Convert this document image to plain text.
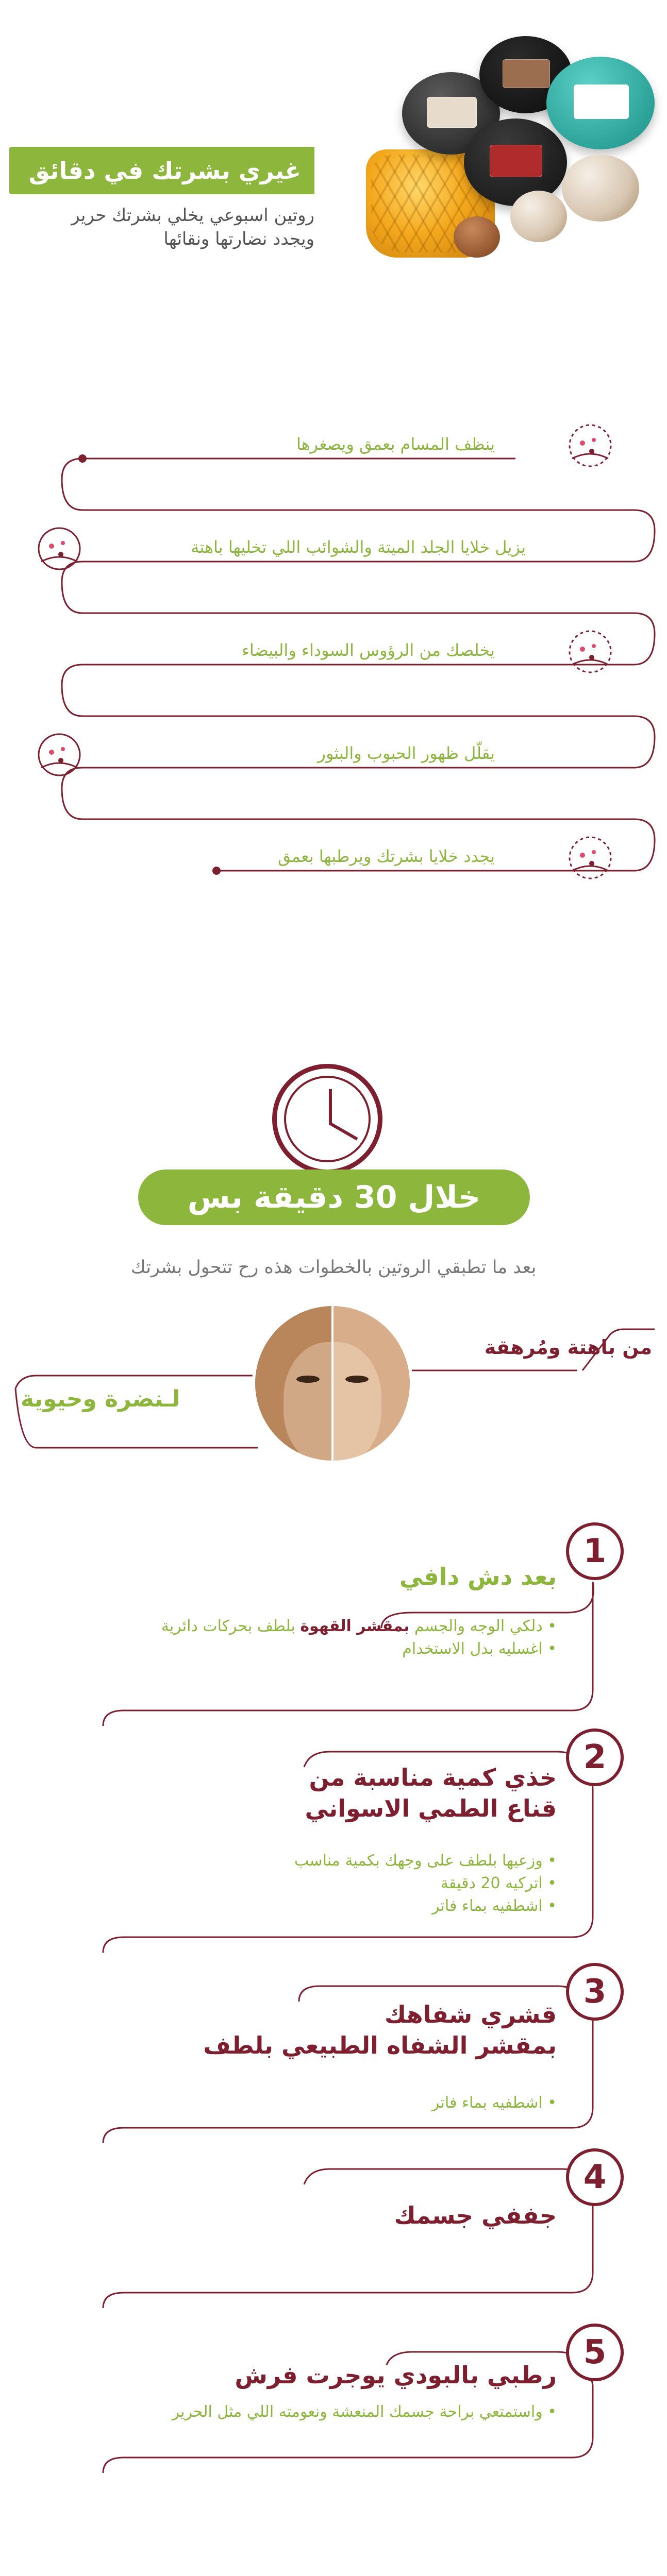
غيري بشرتك في دقائق
روتين اسبوعي يخلي بشرتك حرير
ويجدد نضارتها ونقائها
ينظف المسام بعمق ويصغرها
يزيل خلايا الجلد الميتة والشوائب اللي تخليها باهتة
يخلصك من الرؤوس السوداء والبيضاء
يقلّل ظهور الحبوب والبثور
يجدد خلايا بشرتك ويرطبها بعمق
خلال 30 دقيقة بس
بعد ما تطبقي الروتين بالخطوات هذه رح تتحول بشرتك
من باهتة ومُرهقة
لـنضرة وحيوية
1
بعد دش دافي
• دلكي الوجه والجسم بمقشر القهوة بلطف بحركات دائرية
• اغسليه بدل الاستخدام
2
خذي كمية مناسبة من
قناع الطمي الاسواني
• وزعيها بلطف على وجهك بكمية مناسب
• اتركيه 20 دقيقة
• اشطفيه بماء فاتر
3
قشري شفاهك
بمقشر الشفاه الطبيعي بلطف
• اشطفيه بماء فاتر
4
جففي جسمك
5
رطبي بالبودي يوجرت فرش
• واستمتعي براحة جسمك المنعشة ونعومته اللي مثل الحرير
